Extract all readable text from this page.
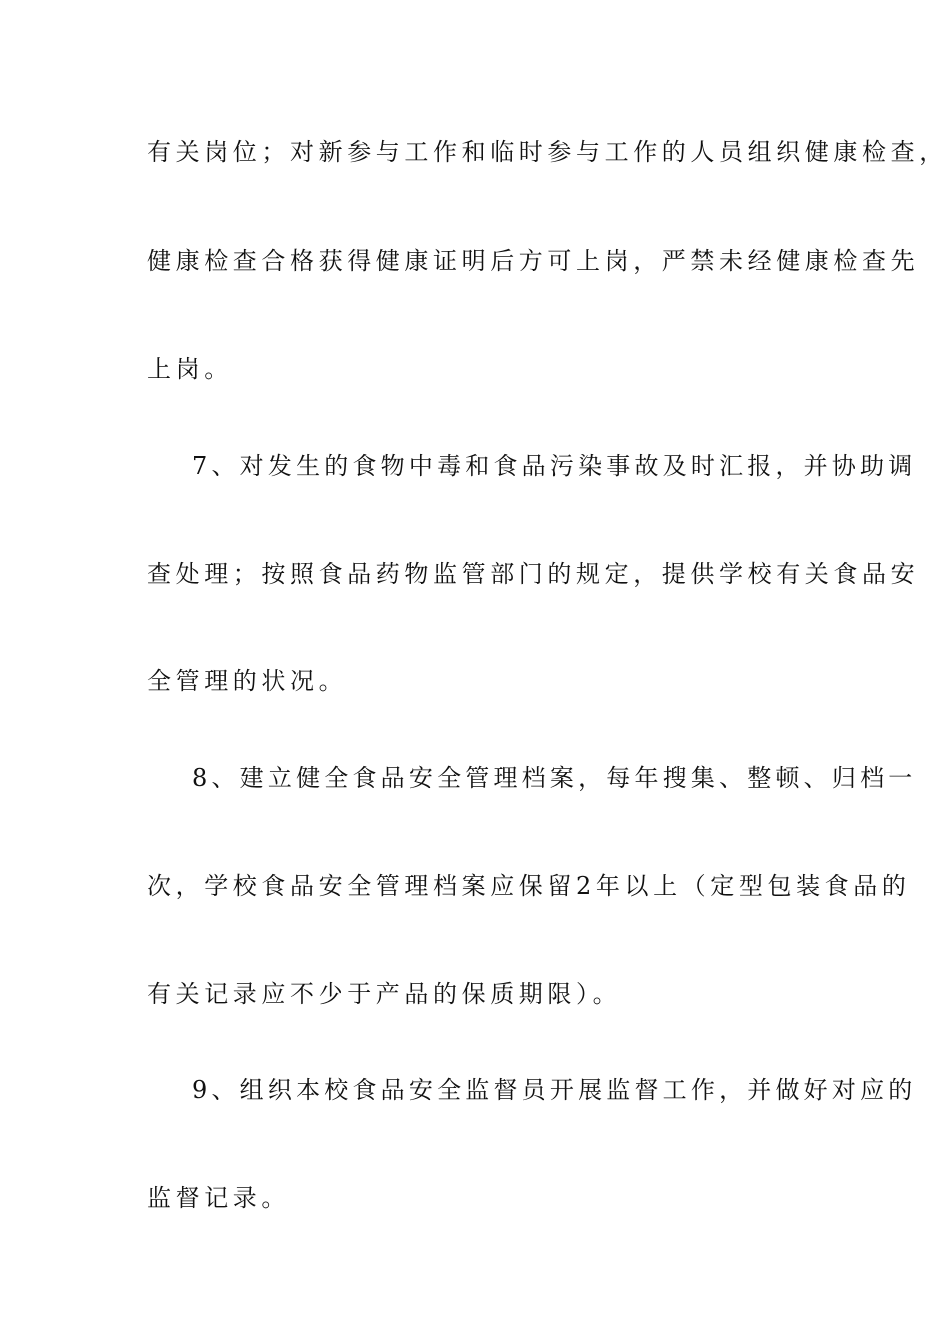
有关岗位；对新参与工作和临时参与工作的人员组织健康检查，
健康检查合格获得健康证明后方可上岗，严禁未经健康检查先
上岗。
7、对发生的食物中毒和食品污染事故及时汇报，并协助调
查处理；按照食品药物监管部门的规定，提供学校有关食品安
全管理的状况。
8、建立健全食品安全管理档案，每年搜集、整顿、归档一
次，学校食品安全管理档案应保留2年以上（定型包装食品的
有关记录应不少于产品的保质期限）。
9、组织本校食品安全监督员开展监督工作，并做好对应的
监督记录。
